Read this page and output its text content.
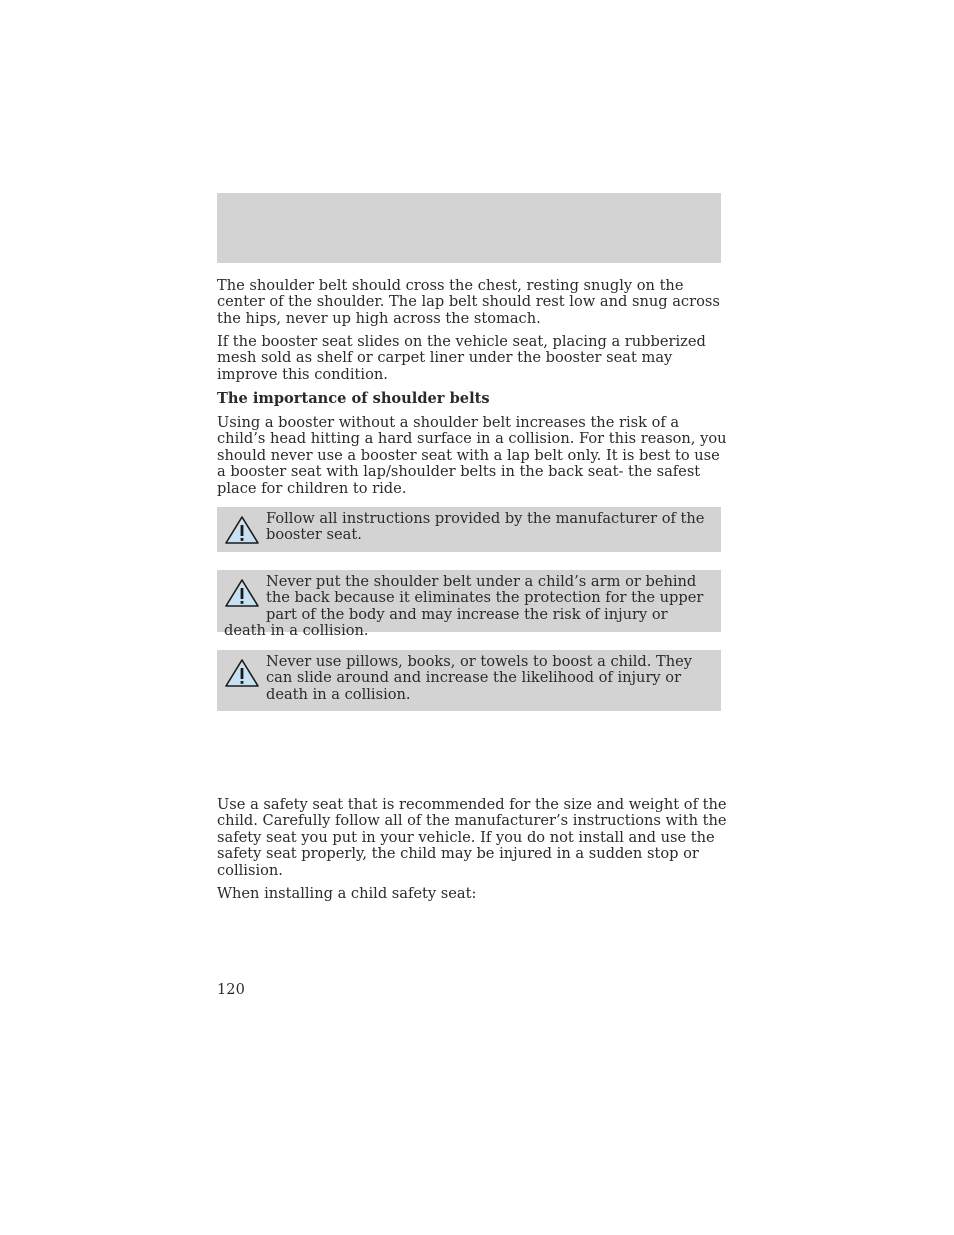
The shoulder belt should cross the chest, resting snugly on the center of the shoulder. The lap belt should rest low and snug across the hips, never up high across the stomach.

If the booster seat slides on the vehicle seat, placing a rubberized mesh sold as shelf or carpet liner under the booster seat may improve this condition.

The importance of shoulder belts

Using a booster without a shoulder belt increases the risk of a child’s head hitting a hard surface in a collision. For this reason, you should never use a booster seat with a lap belt only. It is best to use a booster seat with lap/shoulder belts in the back seat- the safest place for children to ride.

Follow all instructions provided by the manufacturer of the booster seat.

Never put the shoulder belt under a child’s arm or behind the back because it eliminates the protection for the upper part of the body and may increase the risk of injury or death in a collision.

Never use pillows, books, or towels to boost a child. They can slide around and increase the likelihood of injury or death in a collision.

Use a safety seat that is recommended for the size and weight of the child. Carefully follow all of the manufacturer’s instructions with the safety seat you put in your vehicle. If you do not install and use the safety seat properly, the child may be injured in a sudden stop or collision.

When installing a child safety seat:

120
